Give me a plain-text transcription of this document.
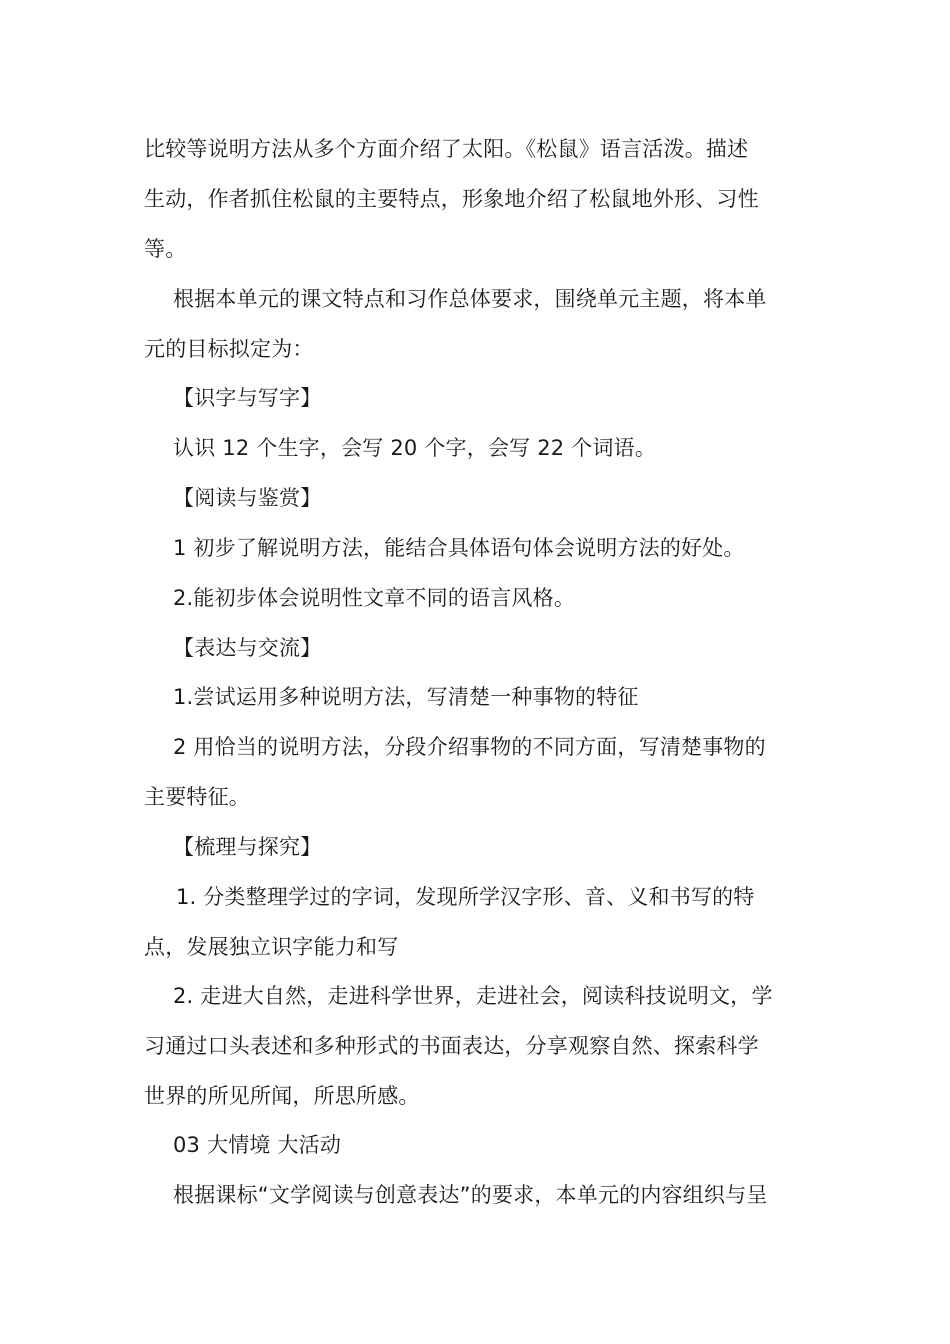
比较等说明方法从多个方面介绍了太阳。《松鼠》语言活泼。描述
生动，作者抓住松鼠的主要特点，形象地介绍了松鼠地外形、习性
等。
根据本单元的课文特点和习作总体要求，围绕单元主题，将本单
元的目标拟定为：
【识字与写字】
认识 12 个生字，会写 20 个字，会写 22 个词语。
【阅读与鉴赏】
1 初步了解说明方法，能结合具体语句体会说明方法的好处。
2.能初步体会说明性文章不同的语言风格。
【表达与交流】
1.尝试运用多种说明方法，写清楚一种事物的特征
2 用恰当的说明方法，分段介绍事物的不同方面，写清楚事物的
主要特征。
【梳理与探究】
1. 分类整理学过的字词，发现所学汉字形、音、义和书写的特
点，发展独立识字能力和写
2. 走进大自然，走进科学世界，走进社会，阅读科技说明文，学
习通过口头表述和多种形式的书面表达，分享观察自然、探索科学
世界的所见所闻，所思所感。
03 大情境 大活动
根据课标“文学阅读与创意表达”的要求，本单元的内容组织与呈
